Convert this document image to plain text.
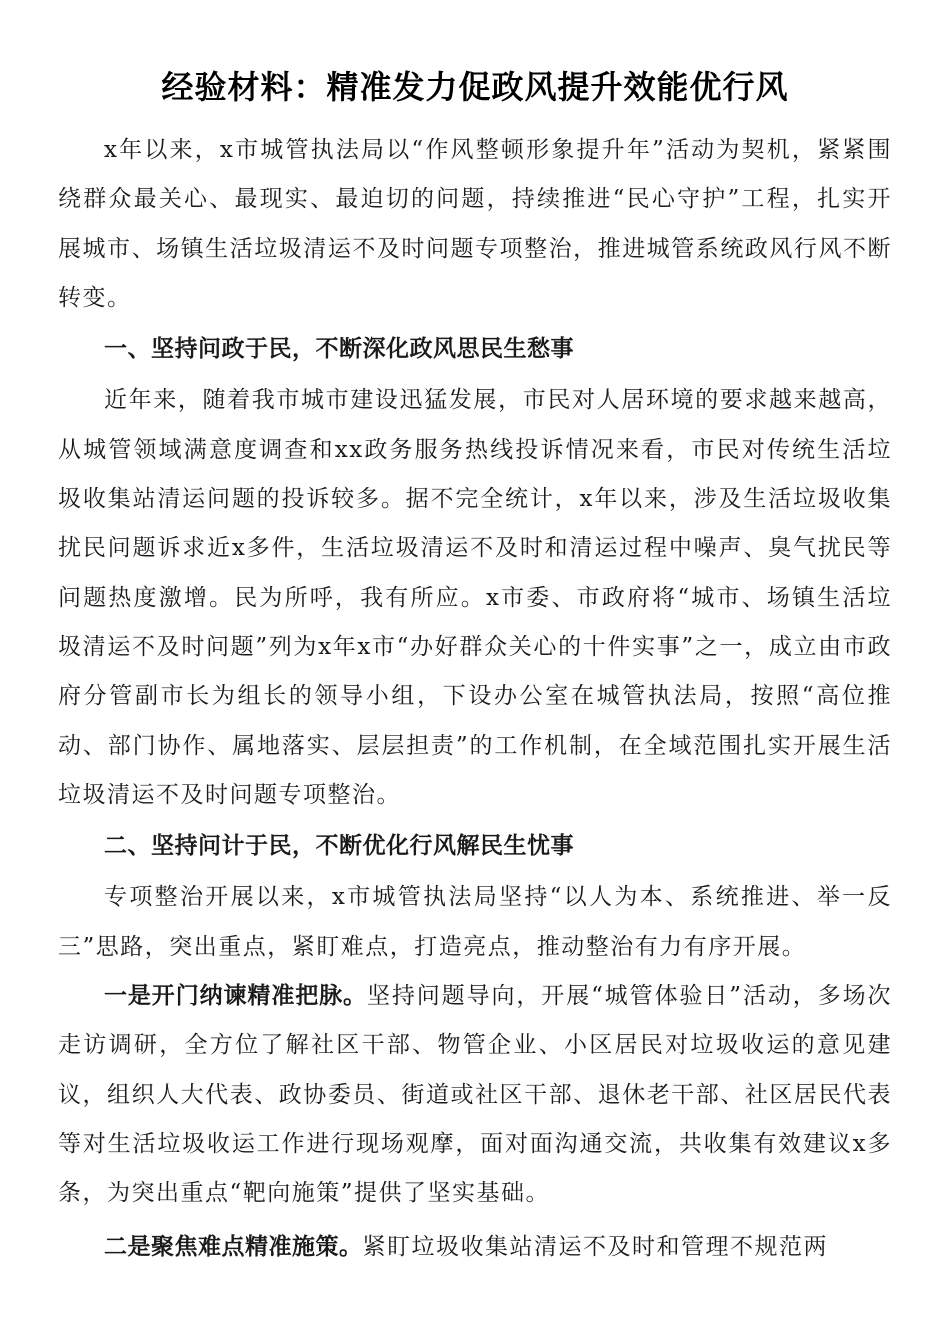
经验材料：精准发力促政风提升效能优行风

x年以来，x市城管执法局以“作风整顿形象提升年”活动为契机，紧紧围绕群众最关心、最现实、最迫切的问题，持续推进“民心守护”工程，扎实开展城市、场镇生活垃圾清运不及时问题专项整治，推进城管系统政风行风不断转变。

一、坚持问政于民，不断深化政风思民生愁事

近年来，随着我市城市建设迅猛发展，市民对人居环境的要求越来越高，从城管领域满意度调查和xx政务服务热线投诉情况来看，市民对传统生活垃圾收集站清运问题的投诉较多。据不完全统计，x年以来，涉及生活垃圾收集扰民问题诉求近x多件，生活垃圾清运不及时和清运过程中噪声、臭气扰民等问题热度激增。民为所呼，我有所应。x市委、市政府将“城市、场镇生活垃圾清运不及时问题”列为x年x市“办好群众关心的十件实事”之一，成立由市政府分管副市长为组长的领导小组，下设办公室在城管执法局，按照“高位推动、部门协作、属地落实、层层担责”的工作机制，在全域范围扎实开展生活垃圾清运不及时问题专项整治。

二、坚持问计于民，不断优化行风解民生忧事

专项整治开展以来，x市城管执法局坚持“以人为本、系统推进、举一反三”思路，突出重点，紧盯难点，打造亮点，推动整治有力有序开展。

一是开门纳谏精准把脉。坚持问题导向，开展“城管体验日”活动，多场次走访调研，全方位了解社区干部、物管企业、小区居民对垃圾收运的意见建议，组织人大代表、政协委员、街道或社区干部、退休老干部、社区居民代表等对生活垃圾收运工作进行现场观摩，面对面沟通交流，共收集有效建议x多条，为突出重点“靶向施策”提供了坚实基础。

二是聚焦难点精准施策。紧盯垃圾收集站清运不及时和管理不规范两
